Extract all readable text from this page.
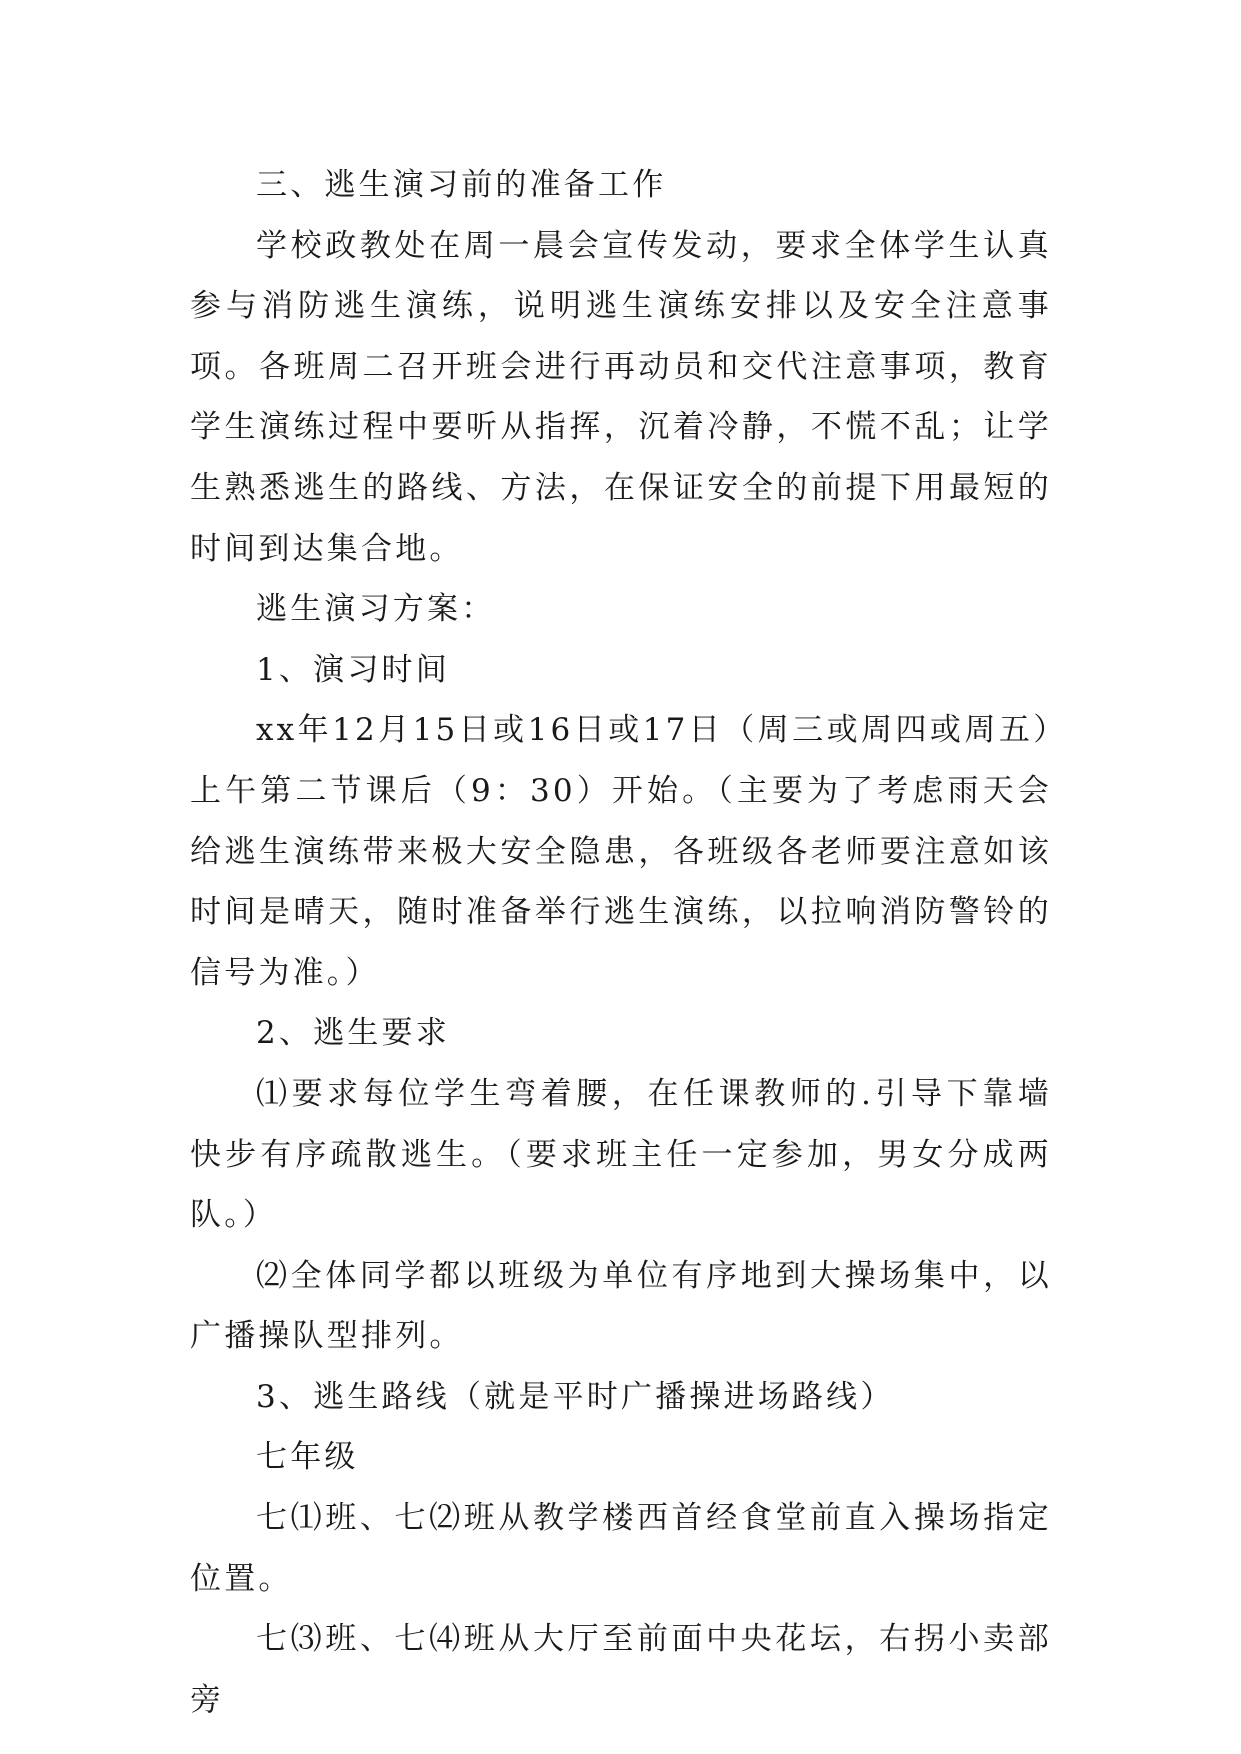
三、逃生演习前的准备工作

学校政教处在周一晨会宣传发动，要求全体学生认真参与消防逃生演练，说明逃生演练安排以及安全注意事项。各班周二召开班会进行再动员和交代注意事项，教育学生演练过程中要听从指挥，沉着冷静，不慌不乱；让学生熟悉逃生的路线、方法，在保证安全的前提下用最短的时间到达集合地。

逃生演习方案：

1、演习时间

xx年12月15日或16日或17日（周三或周四或周五）上午第二节课后（9：30）开始。（主要为了考虑雨天会给逃生演练带来极大安全隐患，各班级各老师要注意如该时间是晴天，随时准备举行逃生演练，以拉响消防警铃的信号为准。）

2、逃生要求

⑴要求每位学生弯着腰，在任课教师的.引导下靠墙快步有序疏散逃生。（要求班主任一定参加，男女分成两队。）

⑵全体同学都以班级为单位有序地到大操场集中，以广播操队型排列。

3、逃生路线（就是平时广播操进场路线）

七年级

七⑴班、七⑵班从教学楼西首经食堂前直入操场指定位置。

七⑶班、七⑷班从大厅至前面中央花坛，右拐小卖部旁
